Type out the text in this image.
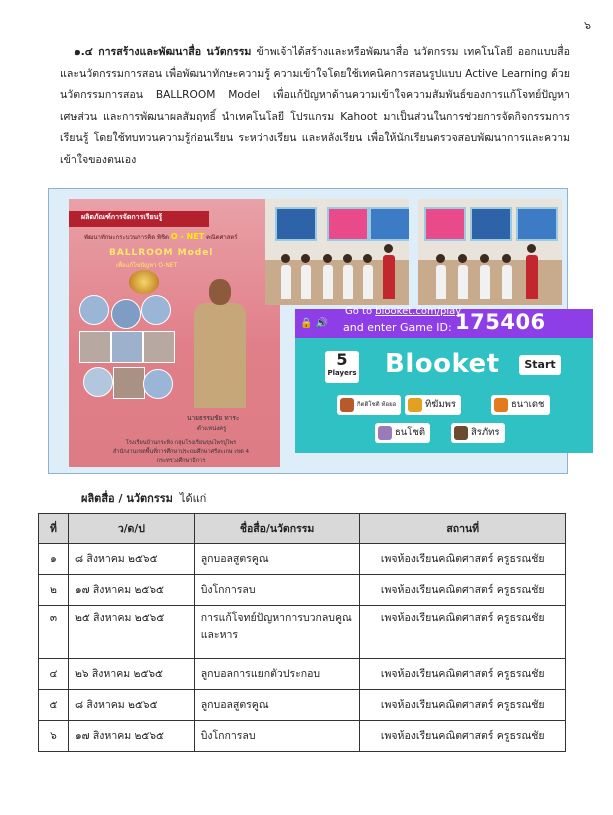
๖
๑.๔ การสร้างและพัฒนาสื่อ นวัตกรรม ข้าพเจ้าได้สร้างและหรือพัฒนาสื่อ นวัตกรรม เทคโนโลยี ออกแบบสื่อและนวัตกรรมการสอน เพื่อพัฒนาทักษะความรู้ ความเข้าใจโดยใช้เทคนิคการสอนรูปแบบ Active Learning ด้วยนวัตกรรมการสอน BALLROOM Model เพื่อแก้ปัญหาด้านความเข้าใจความสัมพันธ์ของการแก้โจทย์ปัญหาเศษส่วน และการพัฒนาผลสัมฤทธิ์ นำเทคโนโลยี โปรแกรม Kahoot มาเป็นส่วนในการช่วยการจัดกิจกรรมการเรียนรู้ โดยใช้ทบทวนความรู้ก่อนเรียน ระหว่างเรียน และหลังเรียน เพื่อให้นักเรียนตรวจสอบพัฒนาการและความเข้าใจของตนเอง
ผลิตภัณฑ์การจัดการเรียนรู้
พัฒนาทักษะกระบวนการคิด พิชิต O - NET คณิตศาสตร์
BALLROOM Model
เพื่อแก้ไขปัญหา O-NET
นายธรรมชัย ทาระ
ตำแหน่งครู
โรงเรียนบ้านกระทิง กลุ่มโรงเรียนขุนไพรปูไพร
สำนักงานเขตพื้นที่การศึกษาประถมศึกษาศรีสะเกษ เขต 4
กระทรวงศึกษาธิการ
🔒 🔊
Go to blooket.com/play
and enter Game ID: 175406
5
Players Blooket	Start
กิตติโชติ ท้อยอ	ทิฆัมพร	ธนาเดช
ธนโชติ	สิรภัทร
ผลิตสื่อ / นวัตกรรม ได้แก่
ที่	ว/ด/ป	ชื่อสื่อ/นวัตกรรม	สถานที่
๑	๘ สิงหาคม ๒๕๖๕	ลูกบอลสูตรคูณ	เพจห้องเรียนคณิตศาสตร์ ครูธรณชัย
๒	๑๗ สิงหาคม ๒๕๖๕	บิงโกการลบ	เพจห้องเรียนคณิตศาสตร์ ครูธรณชัย
๓	๒๕ สิงหาคม ๒๕๖๕	การแก้โจทย์ปัญหาการบวกลบคูณและหาร	เพจห้องเรียนคณิตศาสตร์ ครูธรณชัย
๔	๒๖ สิงหาคม ๒๕๖๕	ลูกบอลการแยกตัวประกอบ	เพจห้องเรียนคณิตศาสตร์ ครูธรณชัย
๕	๘ สิงหาคม ๒๕๖๕	ลูกบอลสูตรคูณ	เพจห้องเรียนคณิตศาสตร์ ครูธรณชัย
๖	๑๗ สิงหาคม ๒๕๖๕	บิงโกการลบ	เพจห้องเรียนคณิตศาสตร์ ครูธรณชัย
